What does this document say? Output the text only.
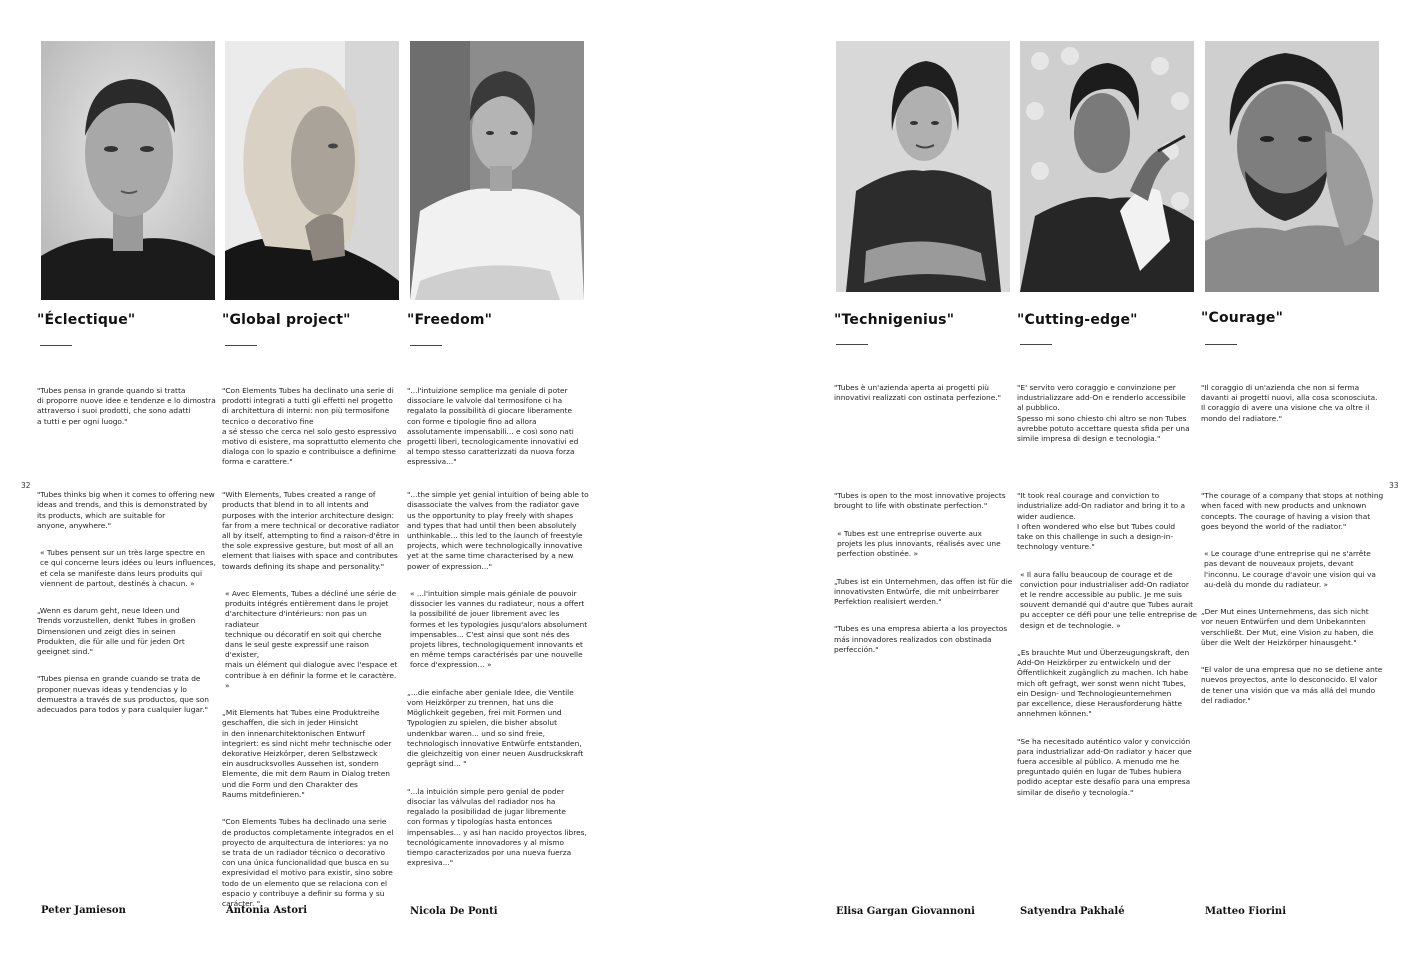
32	33
"Éclectique"
"Tubes pensa in grande quando si tratta
di proporre nuove idee e tendenze e lo dimostra
attraverso i suoi prodotti, che sono adatti
a tutti e per ogni luogo."

"Tubes thinks big when it comes to offering new
ideas and trends, and this is demonstrated by
its products, which are suitable for
anyone, anywhere."

« Tubes pensent sur un très large spectre en
ce qui concerne leurs idées ou leurs influences,
et cela se manifeste dans leurs produits qui
viennent de partout, destinés à chacun. »

„Wenn es darum geht, neue Ideen und
Trends vorzustellen, denkt Tubes in großen
Dimensionen und zeigt dies in seinen
Produkten, die für alle und für jeden Ort
geeignet sind."

"Tubes piensa en grande cuando se trata de
proponer nuevas ideas y tendencias y lo
demuestra a través de sus productos, que son
adecuados para todos y para cualquier lugar."

Peter Jamieson
"Global project"
"Con Elements Tubes ha declinato una serie di
prodotti integrati a tutti gli effetti nel progetto
di architettura di interni: non più termosifone
tecnico o decorativo fine
a sé stesso che cerca nel solo gesto espressivo
motivo di esistere, ma soprattutto elemento che
dialoga con lo spazio e contribuisce a definirne
forma e carattere."

"With Elements, Tubes created a range of
products that blend in to all intents and
purposes with the interior architecture design:
far from a mere technical or decorative radiator
all by itself, attempting to find a raison-d'être in
the sole expressive gesture, but most of all an
element that liaises with space and contributes
towards defining its shape and personality."

« Avec Elements, Tubes a décliné une série de
produits intégrés entièrement dans le projet
d'architecture d'intérieurs: non pas un radiateur
technique ou décoratif en soit qui cherche
dans le seul geste expressif une raison d'exister,
mais un élément qui dialogue avec l'espace et
contribue à en définir la forme et le caractère. »

„Mit Elements hat Tubes eine Produktreihe
geschaffen, die sich in jeder Hinsicht
in den innenarchitektonischen Entwurf
integriert: es sind nicht mehr technische oder
dekorative Heizkörper, deren Selbstzweck
ein ausdrucksvolles Aussehen ist, sondern
Elemente, die mit dem Raum in Dialog treten
und die Form und den Charakter des
Raums mitdefinieren."

"Con Elements Tubes ha declinado una serie
de productos completamente integrados en el
proyecto de arquitectura de interiores: ya no
se trata de un radiador técnico o decorativo
con una única funcionalidad que busca en su
expresividad el motivo para existir, sino sobre
todo de un elemento que se relaciona con el
espacio y contribuye a definir su forma y su
carácter. "

Antonia Astori
"Freedom"
"...l'intuizione semplice ma geniale di poter
dissociare le valvole dal termosifone ci ha
regalato la possibilità di giocare liberamente
con forme e tipologie fino ad allora
assolutamente impensabili... e così sono nati
progetti liberi, tecnologicamente innovativi ed
al tempo stesso caratterizzati da nuova forza
espressiva..."

"...the simple yet genial intuition of being able to
disassociate the valves from the radiator gave
us the opportunity to play freely with shapes
and types that had until then been absolutely
unthinkable... this led to the launch of freestyle
projects, which were technologically innovative
yet at the same time characterised by a new
power of expression..."

« ...l'intuition simple mais géniale de pouvoir
dissocier les vannes du radiateur, nous a offert
la possibilité de jouer librement avec les
formes et les typologies jusqu'alors absolument
impensables... C'est ainsi que sont nés des
projets libres, technologiquement innovants et
en même temps caractérisés par une nouvelle
force d'expression... »

„...die einfache aber geniale Idee, die Ventile
vom Heizkörper zu trennen, hat uns die
Möglichkeit gegeben, frei mit Formen und
Typologien zu spielen, die bisher absolut
undenkbar waren... und so sind freie,
technologisch innovative Entwürfe entstanden,
die gleichzeitig von einer neuen Ausdruckskraft
geprägt sind... "

"...la intuición simple pero genial de poder
disociar las válvulas del radiador nos ha
regalado la posibilidad de jugar libremente
con formas y tipologías hasta entonces
impensables... y así han nacido proyectos libres,
tecnológicamente innovadores y al mismo
tiempo caracterizados por una nueva fuerza
expresiva..."

Nicola De Ponti
"Technigenius"
"Tubes è un'azienda aperta ai progetti più
innovativi realizzati con ostinata perfezione."

"Tubes is open to the most innovative projects
brought to life with obstinate perfection."

« Tubes est une entreprise ouverte aux
projets les plus innovants, réalisés avec une
perfection obstinée. »

„Tubes ist ein Unternehmen, das offen ist für die
innovativsten Entwürfe, die mit unbeirrbarer
Perfektion realisiert werden."

"Tubes es una empresa abierta a los proyectos
más innovadores realizados con obstinada
perfección."

Elisa Gargan Giovannoni
"Cutting-edge"
"E' servito vero coraggio e convinzione per
industrializzare add-On e renderlo accessibile
al pubblico.
Spesso mi sono chiesto chi altro se non Tubes
avrebbe potuto accettare questa sfida per una
simile impresa di design e tecnologia."

"It took real courage and conviction to
industrialize add-On radiator and bring it to a
wider audience.
I often wondered who else but Tubes could
take on this challenge in such a design-in-
technology venture."

« Il aura fallu beaucoup de courage et de
conviction pour industrialiser add-On radiator
et le rendre accessible au public. Je me suis
souvent demandé qui d'autre que Tubes aurait
pu accepter ce défi pour une telle entreprise de
design et de technologie. »

„Es brauchte Mut und Überzeugungskraft, den
Add-On Heizkörper zu entwickeln und der
Öffentlichkeit zugänglich zu machen. Ich habe
mich oft gefragt, wer sonst wenn nicht Tubes,
ein Design- und Technologieunternehmen
par excellence, diese Herausforderung hätte
annehmen können."

"Se ha necesitado auténtico valor y convicción
para industrializar add-On radiator y hacer que
fuera accesible al público. A menudo me he
preguntado quién en lugar de Tubes hubiera
podido aceptar este desafío para una empresa
similar de diseño y tecnología."

Satyendra Pakhalé
"Courage"
"Il coraggio di un'azienda che non si ferma
davanti ai progetti nuovi, alla cosa sconosciuta.
Il coraggio di avere una visione che va oltre il
mondo del radiatore."

"The courage of a company that stops at nothing
when faced with new products and unknown
concepts. The courage of having a vision that
goes beyond the world of the radiator."

« Le courage d'une entreprise qui ne s'arrête
pas devant de nouveaux projets, devant
l'inconnu. Le courage d'avoir une vision qui va
au-delà du monde du radiateur. »

„Der Mut eines Unternehmens, das sich nicht
vor neuen Entwürfen und dem Unbekannten
verschließt. Der Mut, eine Vision zu haben, die
über die Welt der Heizkörper hinausgeht."

"El valor de una empresa que no se detiene ante
nuevos proyectos, ante lo desconocido. El valor
de tener una visión que va más allá del mundo
del radiador."

Matteo Fiorini
